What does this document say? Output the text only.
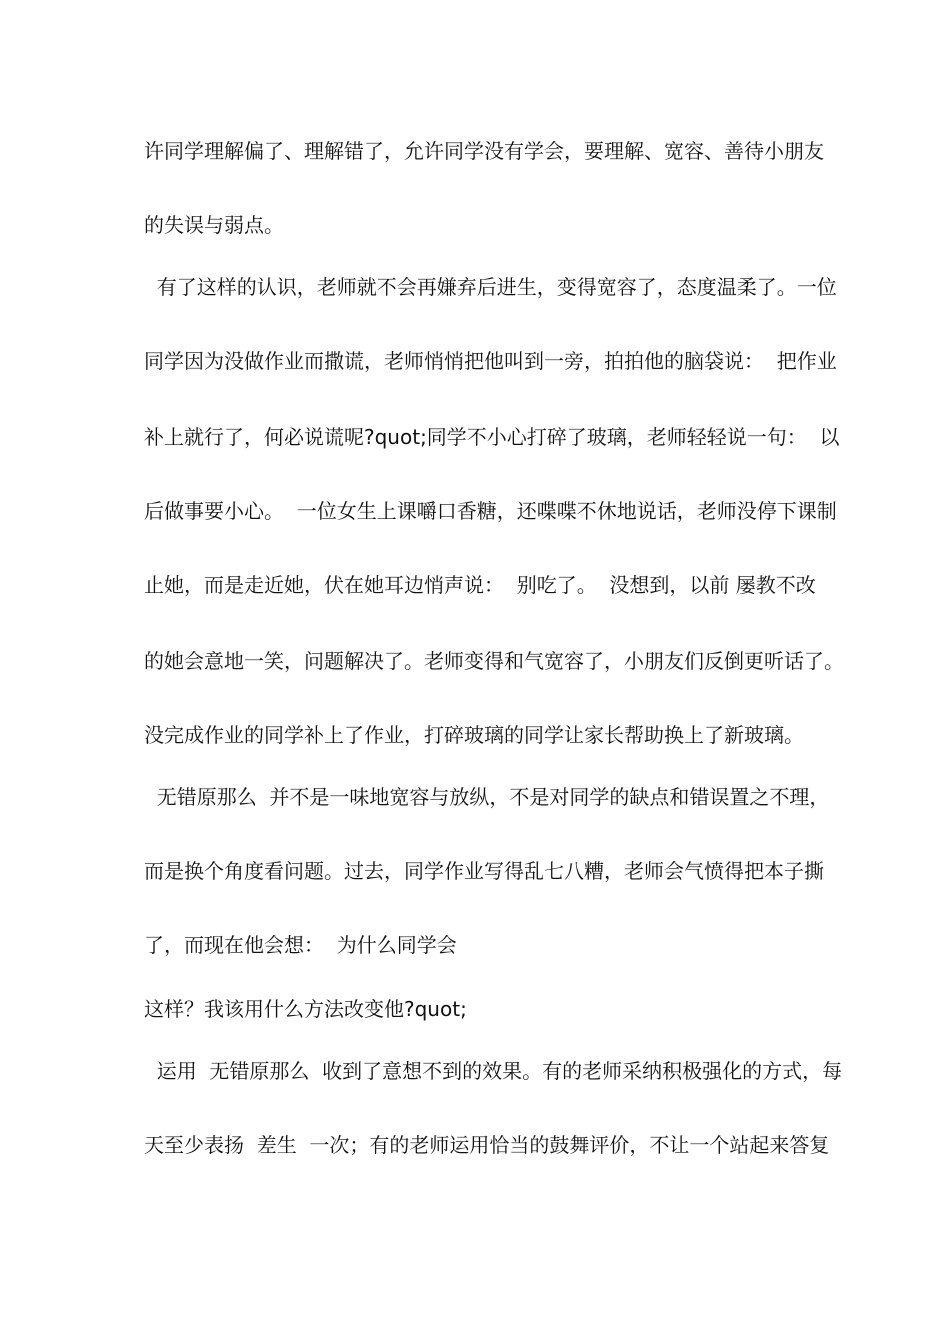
许同学理解偏了、理解错了，允许同学没有学会，要理解、宽容、善待小朋友
的失误与弱点。
有了这样的认识，老师就不会再嫌弃后进生，变得宽容了，态度温柔了。一位
同学因为没做作业而撒谎，老师悄悄把他叫到一旁，拍拍他的脑袋说：  把作业
补上就行了，何必说谎呢?quot;同学不小心打碎了玻璃，老师轻轻说一句：  以
后做事要小心。  一位女生上课嚼口香糖，还喋喋不休地说话，老师没停下课制
止她，而是走近她，伏在她耳边悄声说：  别吃了。  没想到，以前 屡教不改
的她会意地一笑，问题解决了。老师变得和气宽容了，小朋友们反倒更听话了。
没完成作业的同学补上了作业，打碎玻璃的同学让家长帮助换上了新玻璃。
无错原那么  并不是一味地宽容与放纵，不是对同学的缺点和错误置之不理，
而是换个角度看问题。过去，同学作业写得乱七八糟，老师会气愤得把本子撕
了，而现在他会想：  为什么同学会
这样？我该用什么方法改变他?quot;
运用  无错原那么  收到了意想不到的效果。有的老师采纳积极强化的方式，每
天至少表扬  差生  一次；有的老师运用恰当的鼓舞评价，不让一个站起来答复
